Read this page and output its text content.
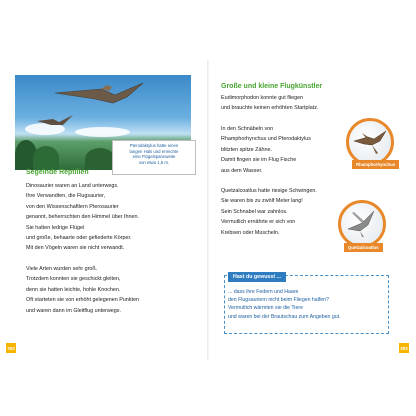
Pterodaktylus hatte einen
langen Hals und erreichte
eine Flügelspannweite
von etwa 1,5 m.
Segelnde Reptilien
Dinosaurier waren an Land unterwegs.
Ihre Verwandten, die Flugsaurier,
von den Wissenschaftlern Pterosaurier
genannt, beherrschten den Himmel über Ihnen.
Sie hatten ledrige Flügel
und große, behaarte oder gefiederte Körper.
Mit den Vögeln waren sie nicht verwandt.
Viele Arten wurden sehr groß.
Trotzdem konnten sie geschickt gleiten,
denn sie hatten leichte, hohle Knochen.
Oft starteten sie von erhöht gelegenen Punkten
und waren dann im Gleitflug unterwegs.
302
Große und kleine Flugkünstler
Eudimorphodon konnte gut fliegen
und brauchte keinen erhöhten Startplatz.
In den Schnäbeln von
Rhamphorhynchus und Pterodaktylus
blitzten spitze Zähne.
Damit fingen sie im Flug Fische
aus dem Wasser.
Quetzalcoatlus hatte riesige Schwingen.
Sie waren bis zu zwölf Meter lang!
Sein Schnabel war zahnlos.
Vermutlich ernährte er sich von
Krebsen oder Muscheln.
Rhamphorhynchus
Quetzalcoatlus
Hast du gewusst ...
... dass ihre Federn und Haare
den Flugsauriern nicht beim Fliegen halfen?
Vermutlich wärmten sie die Tiere
und waren bei der Brautschau zum Angeben gut.
303
